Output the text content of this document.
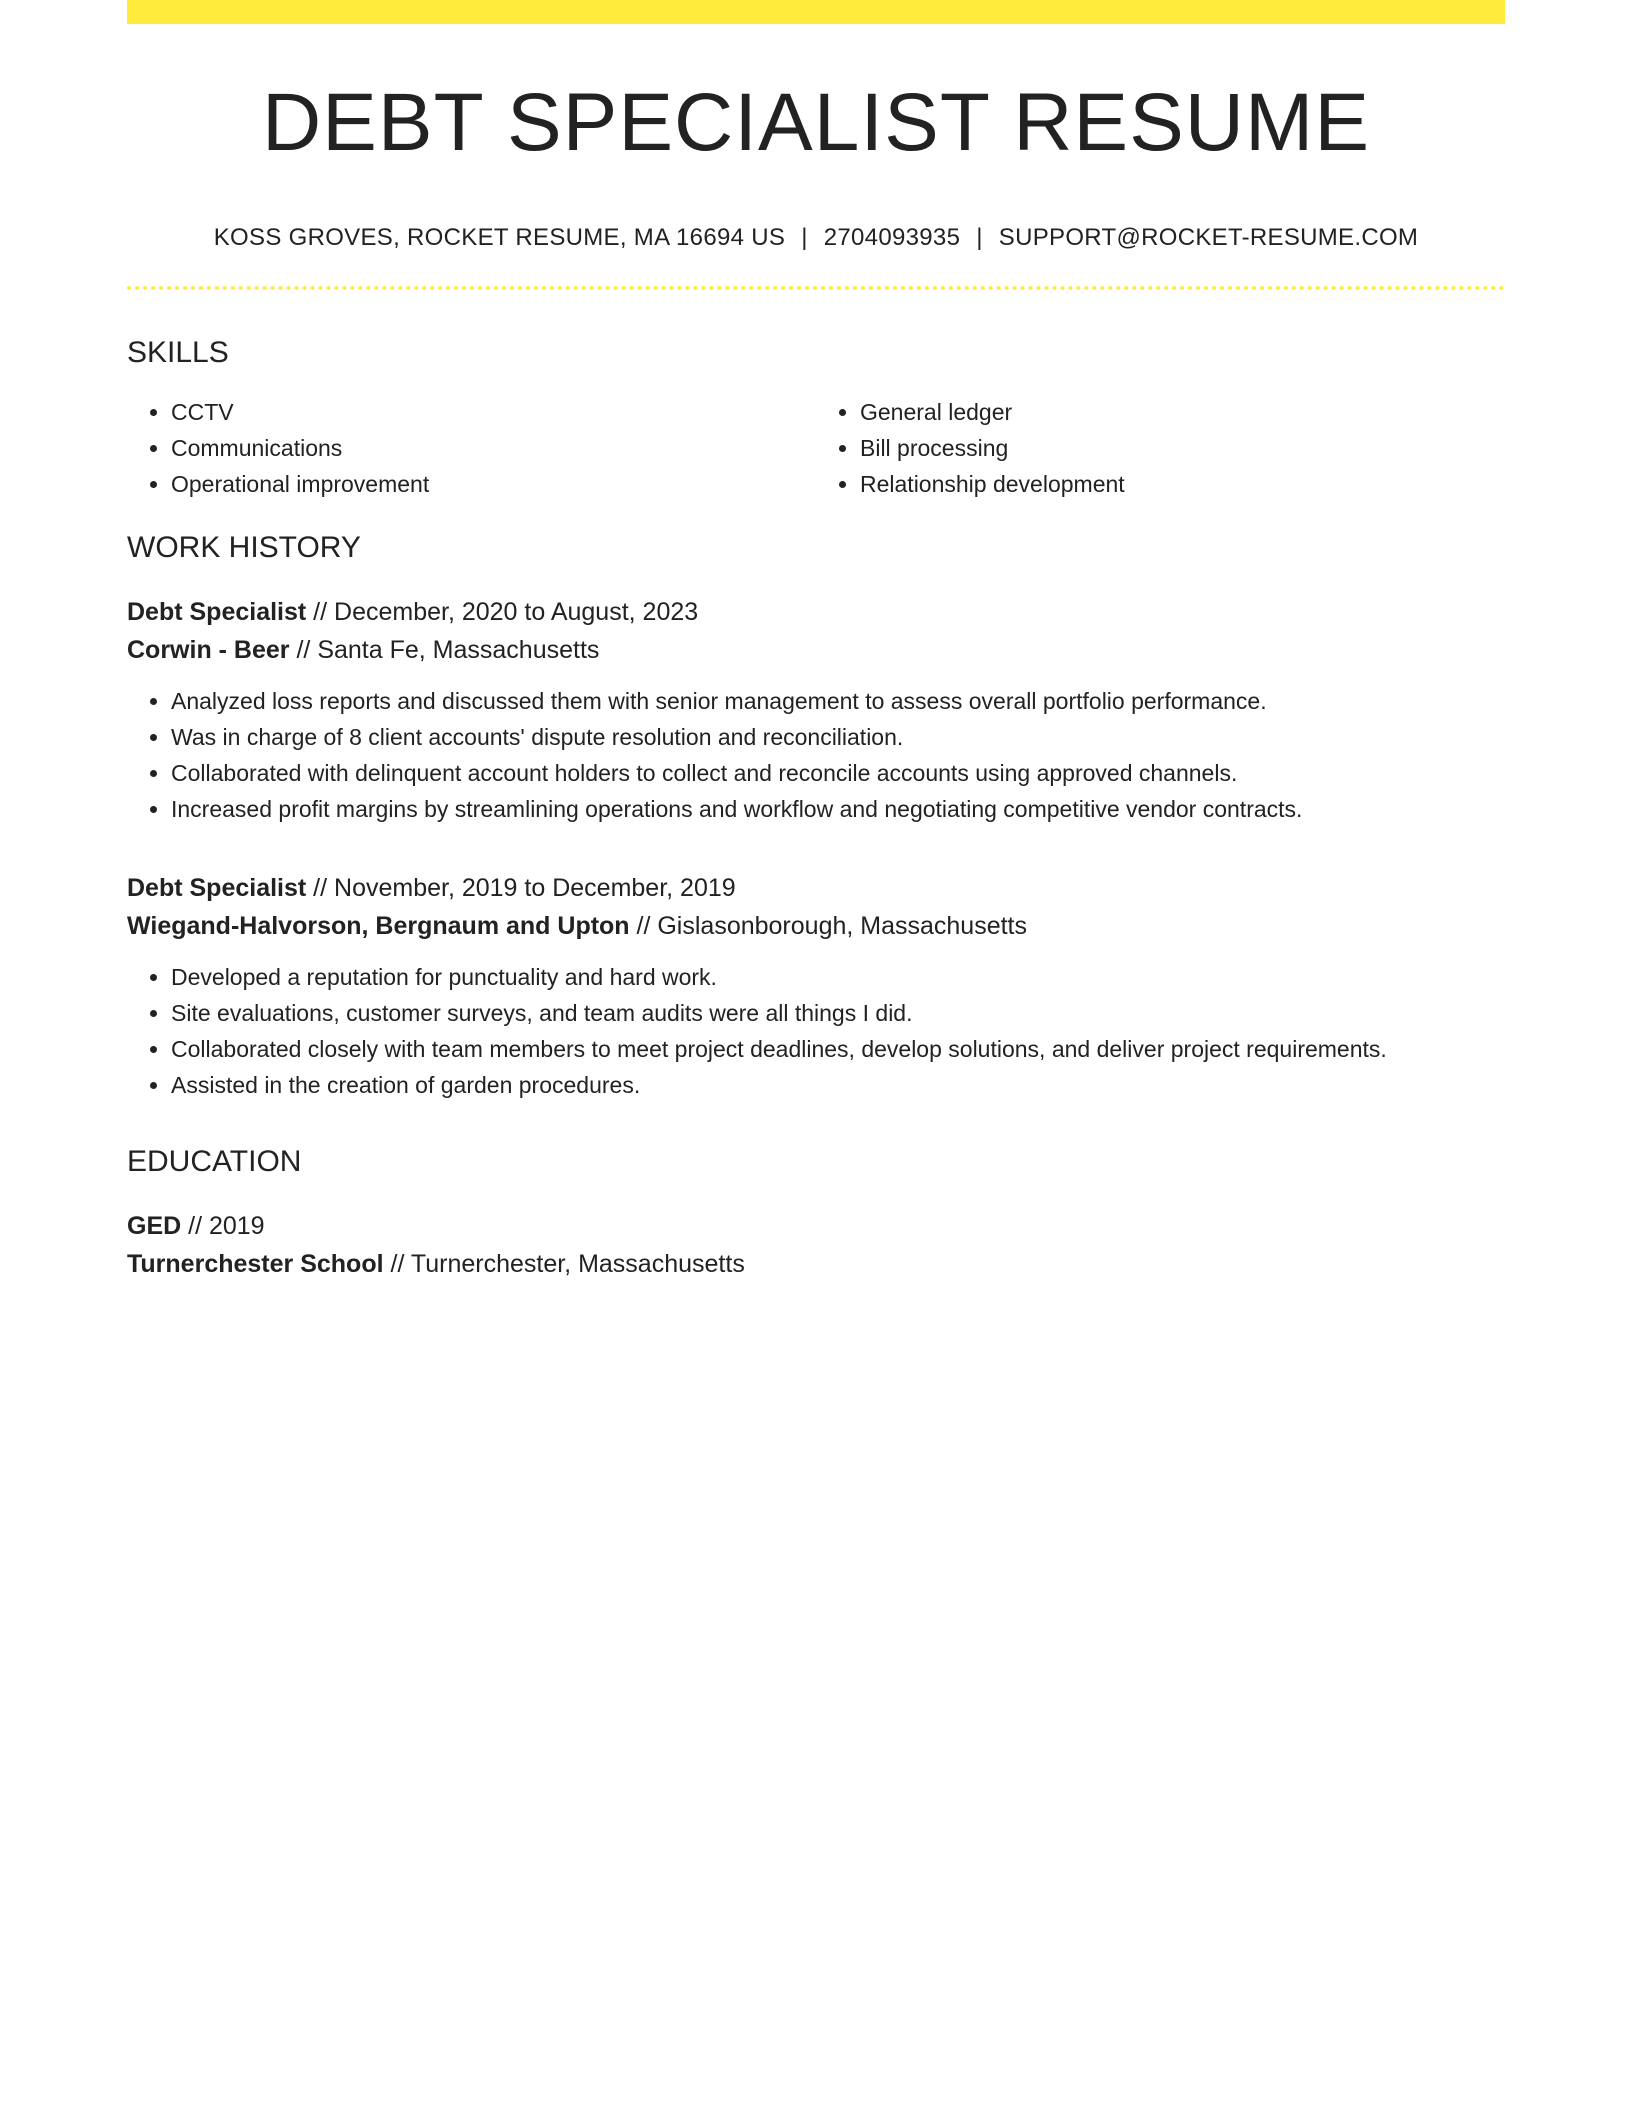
DEBT SPECIALIST RESUME
KOSS GROVES, ROCKET RESUME, MA 16694 US | 2704093935 | SUPPORT@ROCKET-RESUME.COM
SKILLS
• CCTV
• Communications
• Operational improvement
• General ledger
• Bill processing
• Relationship development
WORK HISTORY
Debt Specialist // December, 2020 to August, 2023
Corwin - Beer // Santa Fe, Massachusetts
• Analyzed loss reports and discussed them with senior management to assess overall portfolio performance.
• Was in charge of 8 client accounts' dispute resolution and reconciliation.
• Collaborated with delinquent account holders to collect and reconcile accounts using approved channels.
• Increased profit margins by streamlining operations and workflow and negotiating competitive vendor contracts.
Debt Specialist // November, 2019 to December, 2019
Wiegand-Halvorson, Bergnaum and Upton // Gislasonborough, Massachusetts
• Developed a reputation for punctuality and hard work.
• Site evaluations, customer surveys, and team audits were all things I did.
• Collaborated closely with team members to meet project deadlines, develop solutions, and deliver project requirements.
• Assisted in the creation of garden procedures.
EDUCATION
GED // 2019
Turnerchester School // Turnerchester, Massachusetts
